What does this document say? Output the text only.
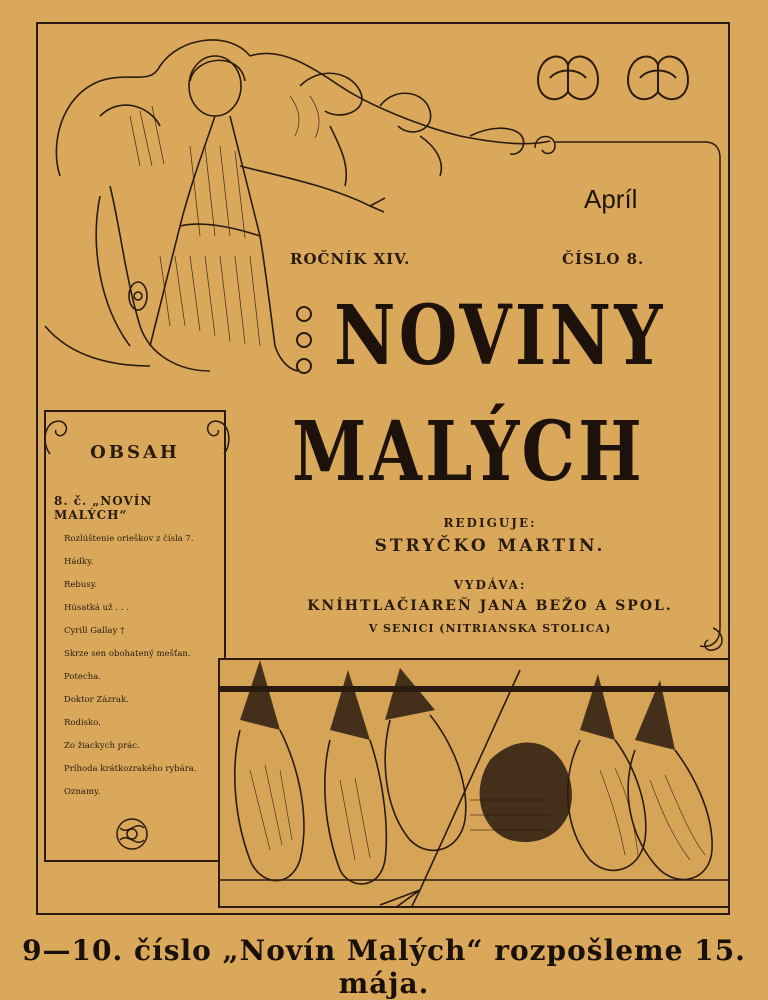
OBSAH
8. č. „NOVÍN MALÝCH“
Rozlúštenie orieškov z čísla 7.
Hádky.
Rebusy.
Húsatká už . . .
Cyrill Gallay †
Skrze sen obohatený mešťan.
Potecha.
Doktor Zázrak.
Rodisko.
Zo žiackych prác.
Príhoda krátkozrakého rybára.
Oznamy.
Apríl
ROČNÍK XIV.	ČÍSLO 8.
NOVINY
MALÝCH
REDIGUJE:
STRYČKO MARTIN.
VYDÁVA:
KNÍHTLAČIAREŇ JANA BEŽO A SPOL.
V SENICI (NITRIANSKA STOLICA)
9—10. číslo „Novín Malých“ rozpošleme 15. mája.
